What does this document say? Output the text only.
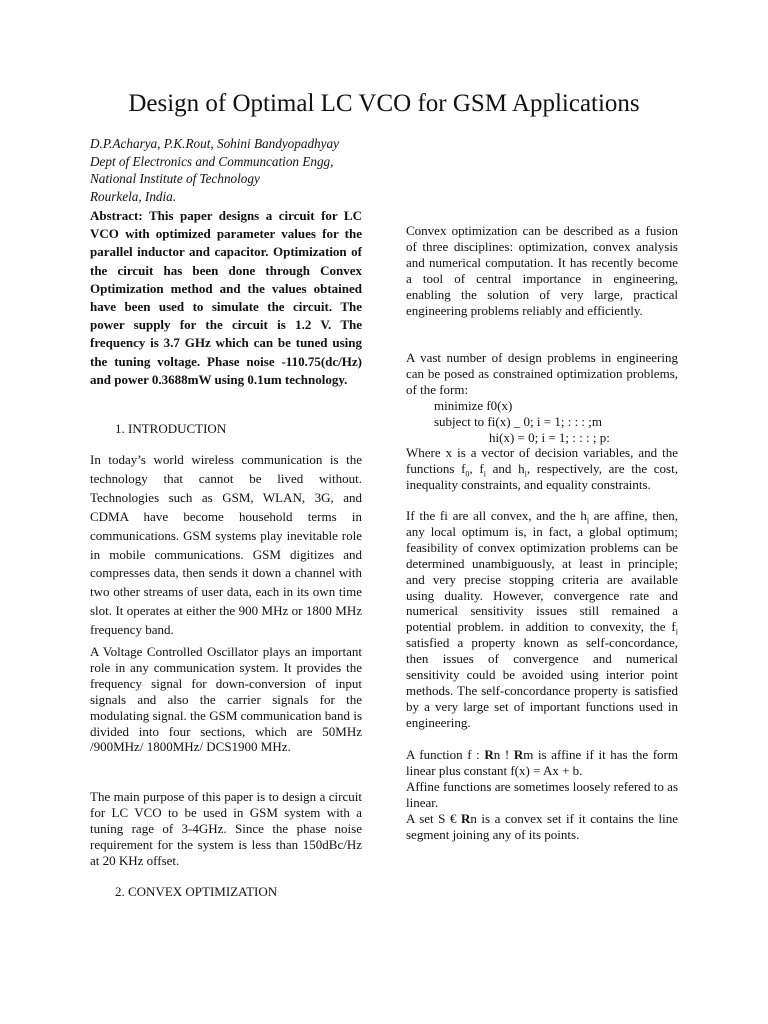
Design of Optimal LC VCO for GSM Applications
D.P.Acharya, P.K.Rout, Sohini Bandyopadhyay
Dept of Electronics and Communcation Engg,
National Institute of Technology
Rourkela, India.
Abstract: This paper designs a circuit for LC VCO with optimized parameter values for the parallel inductor and capacitor. Optimization of the circuit has been done through Convex Optimization method and the values obtained have been used to simulate the circuit. The power supply for the circuit is 1.2 V. The frequency is 3.7 GHz which can be tuned using the tuning voltage. Phase noise -110.75(dc/Hz) and power 0.3688mW using 0.1um technology.
1. INTRODUCTION
In today’s world wireless communication is the technology that cannot be lived without. Technologies such as GSM, WLAN, 3G, and CDMA have become household terms in communications. GSM systems play inevitable role in mobile communications. GSM digitizes and compresses data, then sends it down a channel with two other streams of user data, each in its own time slot. It operates at either the 900 MHz or 1800 MHz frequency band.
A Voltage Controlled Oscillator plays an important role in any communication system. It provides the frequency signal for down-conversion of input signals and also the carrier signals for the modulating signal. the GSM communication band is divided into four sections, which are 50MHz /900MHz/ 1800MHz/ DCS1900 MHz.
The main purpose of this paper is to design a circuit for LC VCO to be used in GSM system with a tuning rage of 3-4GHz. Since the phase noise requirement for the system is less than 150dBc/Hz at 20 KHz offset.
2. CONVEX OPTIMIZATION
Convex optimization can be described as a fusion of three disciplines: optimization, convex analysis and numerical computation. It has recently become a tool of central importance in engineering, enabling the solution of very large, practical engineering problems reliably and efficiently.
A vast number of design problems in engineering can be posed as constrained optimization problems, of the form:
minimize f0(x)
subject to fi(x) _ 0; i = 1; : : : ;m
hi(x) = 0; i = 1; : : : ; p:
Where x is a vector of decision variables, and the functions $f_0$, $f_i$ and $h_i$, respectively, are the cost, inequality constraints, and equality constraints.
If the fi are all convex, and the $h_i$ are affine, then, any local optimum is, in fact, a global optimum; feasibility of convex optimization problems can be determined unambiguously, at least in principle; and very precise stopping criteria are available using duality. However, convergence rate and numerical sensitivity issues still remained a potential problem. in addition to convexity, the $f_i$ satisfied a property known as self-concordance, then issues of convergence and numerical sensitivity could be avoided using interior point methods. The self-concordance property is satisfied by a very large set of important functions used in engineering.
A function f : Rn ! Rm is affine if it has the form linear plus constant f(x) = Ax + b.
Affine functions are sometimes loosely refered to as linear.
A set S € Rn is a convex set if it contains the line segment joining any of its points.
